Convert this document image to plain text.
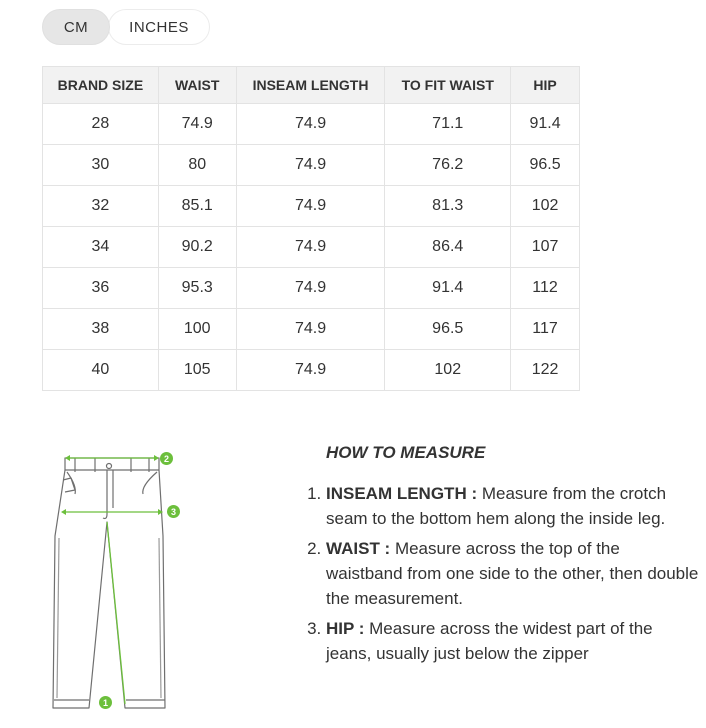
CM	INCHES
BRAND SIZE	WAIST	INSEAM LENGTH	TO FIT WAIST	HIP
28	74.9	74.9	71.1	91.4
30	80	74.9	76.2	96.5
32	85.1	74.9	81.3	102
34	90.2	74.9	86.4	107
36	95.3	74.9	91.4	112
38	100	74.9	96.5	117
40	105	74.9	102	122
2
3
1
HOW TO MEASURE
1. INSEAM LENGTH : Measure from the crotch seam to the bottom hem along the inside leg.
2. WAIST : Measure across the top of the waistband from one side to the other, then double the measurement.
3. HIP : Measure across the widest part of the jeans, usually just below the zipper
